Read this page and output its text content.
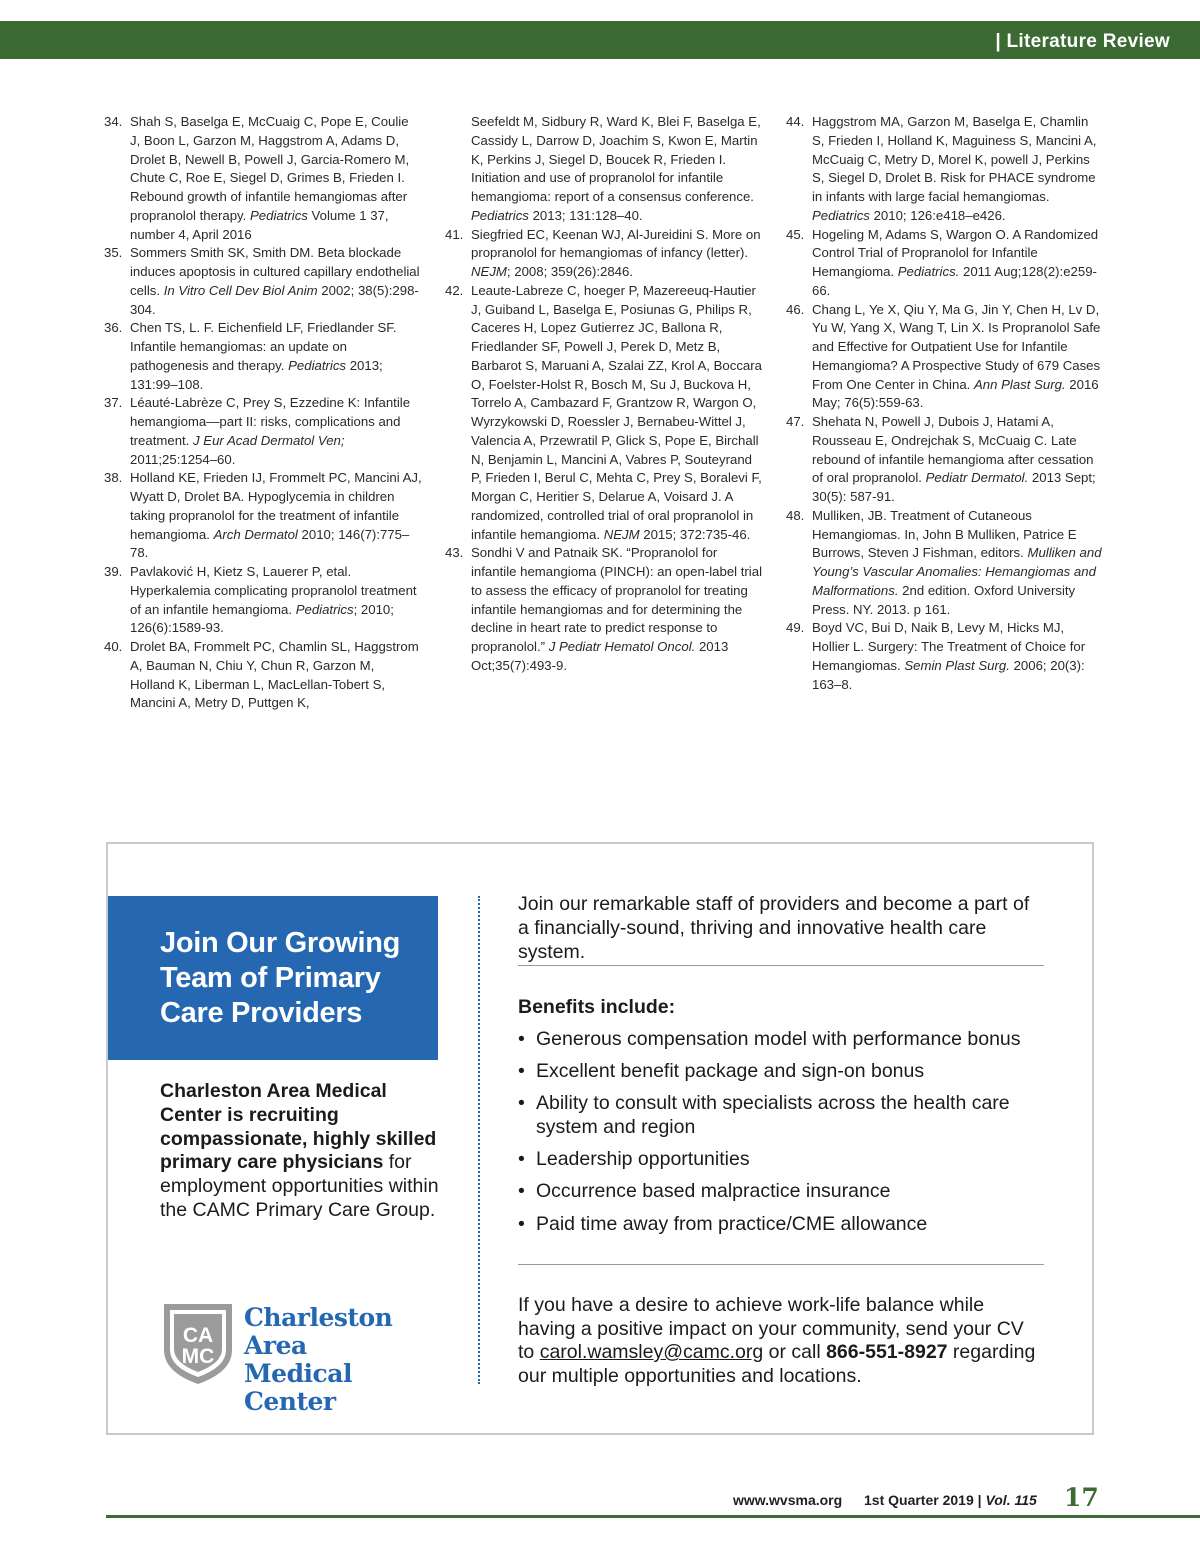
| Literature Review
34. Shah S, Baselga E, McCuaig C, Pope E, Coulie J, Boon L, Garzon M, Haggstrom A, Adams D, Drolet B, Newell B, Powell J, Garcia-Romero M, Chute C, Roe E, Siegel D, Grimes B, Frieden I. Rebound growth of infantile hemangiomas after propranolol therapy. Pediatrics Volume 1 37, number 4, April 2016
35. Sommers Smith SK, Smith DM. Beta blockade induces apoptosis in cultured capillary endothelial cells. In Vitro Cell Dev Biol Anim 2002; 38(5):298-304.
36. Chen TS, L. F. Eichenfield LF, Friedlander SF. Infantile hemangiomas: an update on pathogenesis and therapy. Pediatrics 2013; 131:99–108.
37. Léauté-Labrèze C, Prey S, Ezzedine K: Infantile hemangioma—part II: risks, complications and treatment. J Eur Acad Dermatol Ven; 2011;25:1254–60.
38. Holland KE, Frieden IJ, Frommelt PC, Mancini AJ, Wyatt D, Drolet BA. Hypoglycemia in children taking propranolol for the treatment of infantile hemangioma. Arch Dermatol 2010; 146(7):775–78.
39. Pavlaković H, Kietz S, Lauerer P, etal. Hyperkalemia complicating propranolol treatment of an infantile hemangioma. Pediatrics; 2010; 126(6):1589-93.
40. Drolet BA, Frommelt PC, Chamlin SL, Haggstrom A, Bauman N, Chiu Y, Chun R, Garzon M, Holland K, Liberman L, MacLellan-Tobert S, Mancini A, Metry D, Puttgen K,
Seefeldt M, Sidbury R, Ward K, Blei F, Baselga E, Cassidy L, Darrow D, Joachim S, Kwon E, Martin K, Perkins J, Siegel D, Boucek R, Frieden I. Initiation and use of propranolol for infantile hemangioma: report of a consensus conference. Pediatrics 2013; 131:128–40.
41. Siegfried EC, Keenan WJ, Al-Jureidini S. More on propranolol for hemangiomas of infancy (letter). NEJM; 2008; 359(26):2846.
42. Leaute-Labreze C, hoeger P, Mazereeuq-Hautier J, Guiband L, Baselga E, Posiunas G, Philips R, Caceres H, Lopez Gutierrez JC, Ballona R, Friedlander SF, Powell J, Perek D, Metz B, Barbarot S, Maruani A, Szalai ZZ, Krol A, Boccara O, Foelster-Holst R, Bosch M, Su J, Buckova H, Torrelo A, Cambazard F, Grantzow R, Wargon O, Wyrzykowski D, Roessler J, Bernabeu-Wittel J, Valencia A, Przewratil P, Glick S, Pope E, Birchall N, Benjamin L, Mancini A, Vabres P, Souteyrand P, Frieden I, Berul C, Mehta C, Prey S, Boralevi F, Morgan C, Heritier S, Delarue A, Voisard J. A randomized, controlled trial of oral propranolol in infantile hemangioma. NEJM 2015; 372:735-46.
43. Sondhi V and Patnaik SK. “Propranolol for infantile hemangioma (PINCH): an open-label trial to assess the efficacy of propranolol for treating infantile hemangiomas and for determining the decline in heart rate to predict response to propranolol.” J Pediatr Hematol Oncol. 2013 Oct;35(7):493-9.
44. Haggstrom MA, Garzon M, Baselga E, Chamlin S, Frieden I, Holland K, Maguiness S, Mancini A, McCuaig C, Metry D, Morel K, powell J, Perkins S, Siegel D, Drolet B. Risk for PHACE syndrome in infants with large facial hemangiomas. Pediatrics 2010; 126:e418–e426.
45. Hogeling M, Adams S, Wargon O. A Randomized Control Trial of Propranolol for Infantile Hemangioma. Pediatrics. 2011 Aug;128(2):e259-66.
46. Chang L, Ye X, Qiu Y, Ma G, Jin Y, Chen H, Lv D, Yu W, Yang X, Wang T, Lin X. Is Propranolol Safe and Effective for Outpatient Use for Infantile Hemangioma? A Prospective Study of 679 Cases From One Center in China. Ann Plast Surg. 2016 May; 76(5):559-63.
47. Shehata N, Powell J, Dubois J, Hatami A, Rousseau E, Ondrejchak S, McCuaig C. Late rebound of infantile hemangioma after cessation of oral propranolol. Pediatr Dermatol. 2013 Sept; 30(5): 587-91.
48. Mulliken, JB. Treatment of Cutaneous Hemangiomas. In, John B Mulliken, Patrice E Burrows, Steven J Fishman, editors. Mulliken and Young’s Vascular Anomalies: Hemangiomas and Malformations. 2nd edition. Oxford University Press. NY. 2013. p 161.
49. Boyd VC, Bui D, Naik B, Levy M, Hicks MJ, Hollier L. Surgery: The Treatment of Choice for Hemangiomas. Semin Plast Surg. 2006; 20(3): 163–8.
Join Our Growing
Team of Primary
Care Providers
Charleston Area Medical Center is recruiting compassionate, highly skilled primary care physicians for employment opportunities within the CAMC Primary Care Group.
CA
MC
Charleston Area
Medical Center
Join our remarkable staff of providers and become a part of a financially-sound, thriving and innovative health care system.
Benefits include:
• Generous compensation model with performance bonus
• Excellent benefit package and sign-on bonus
• Ability to consult with specialists across the health care system and region
• Leadership opportunities
• Occurrence based malpractice insurance
• Paid time away from practice/CME allowance
If you have a desire to achieve work-life balance while having a positive impact on your community, send your CV to carol.wamsley@camc.org or call 866-551-8927 regarding our multiple opportunities and locations.
www.wvsma.org 1st Quarter 2019 | Vol. 115 17
